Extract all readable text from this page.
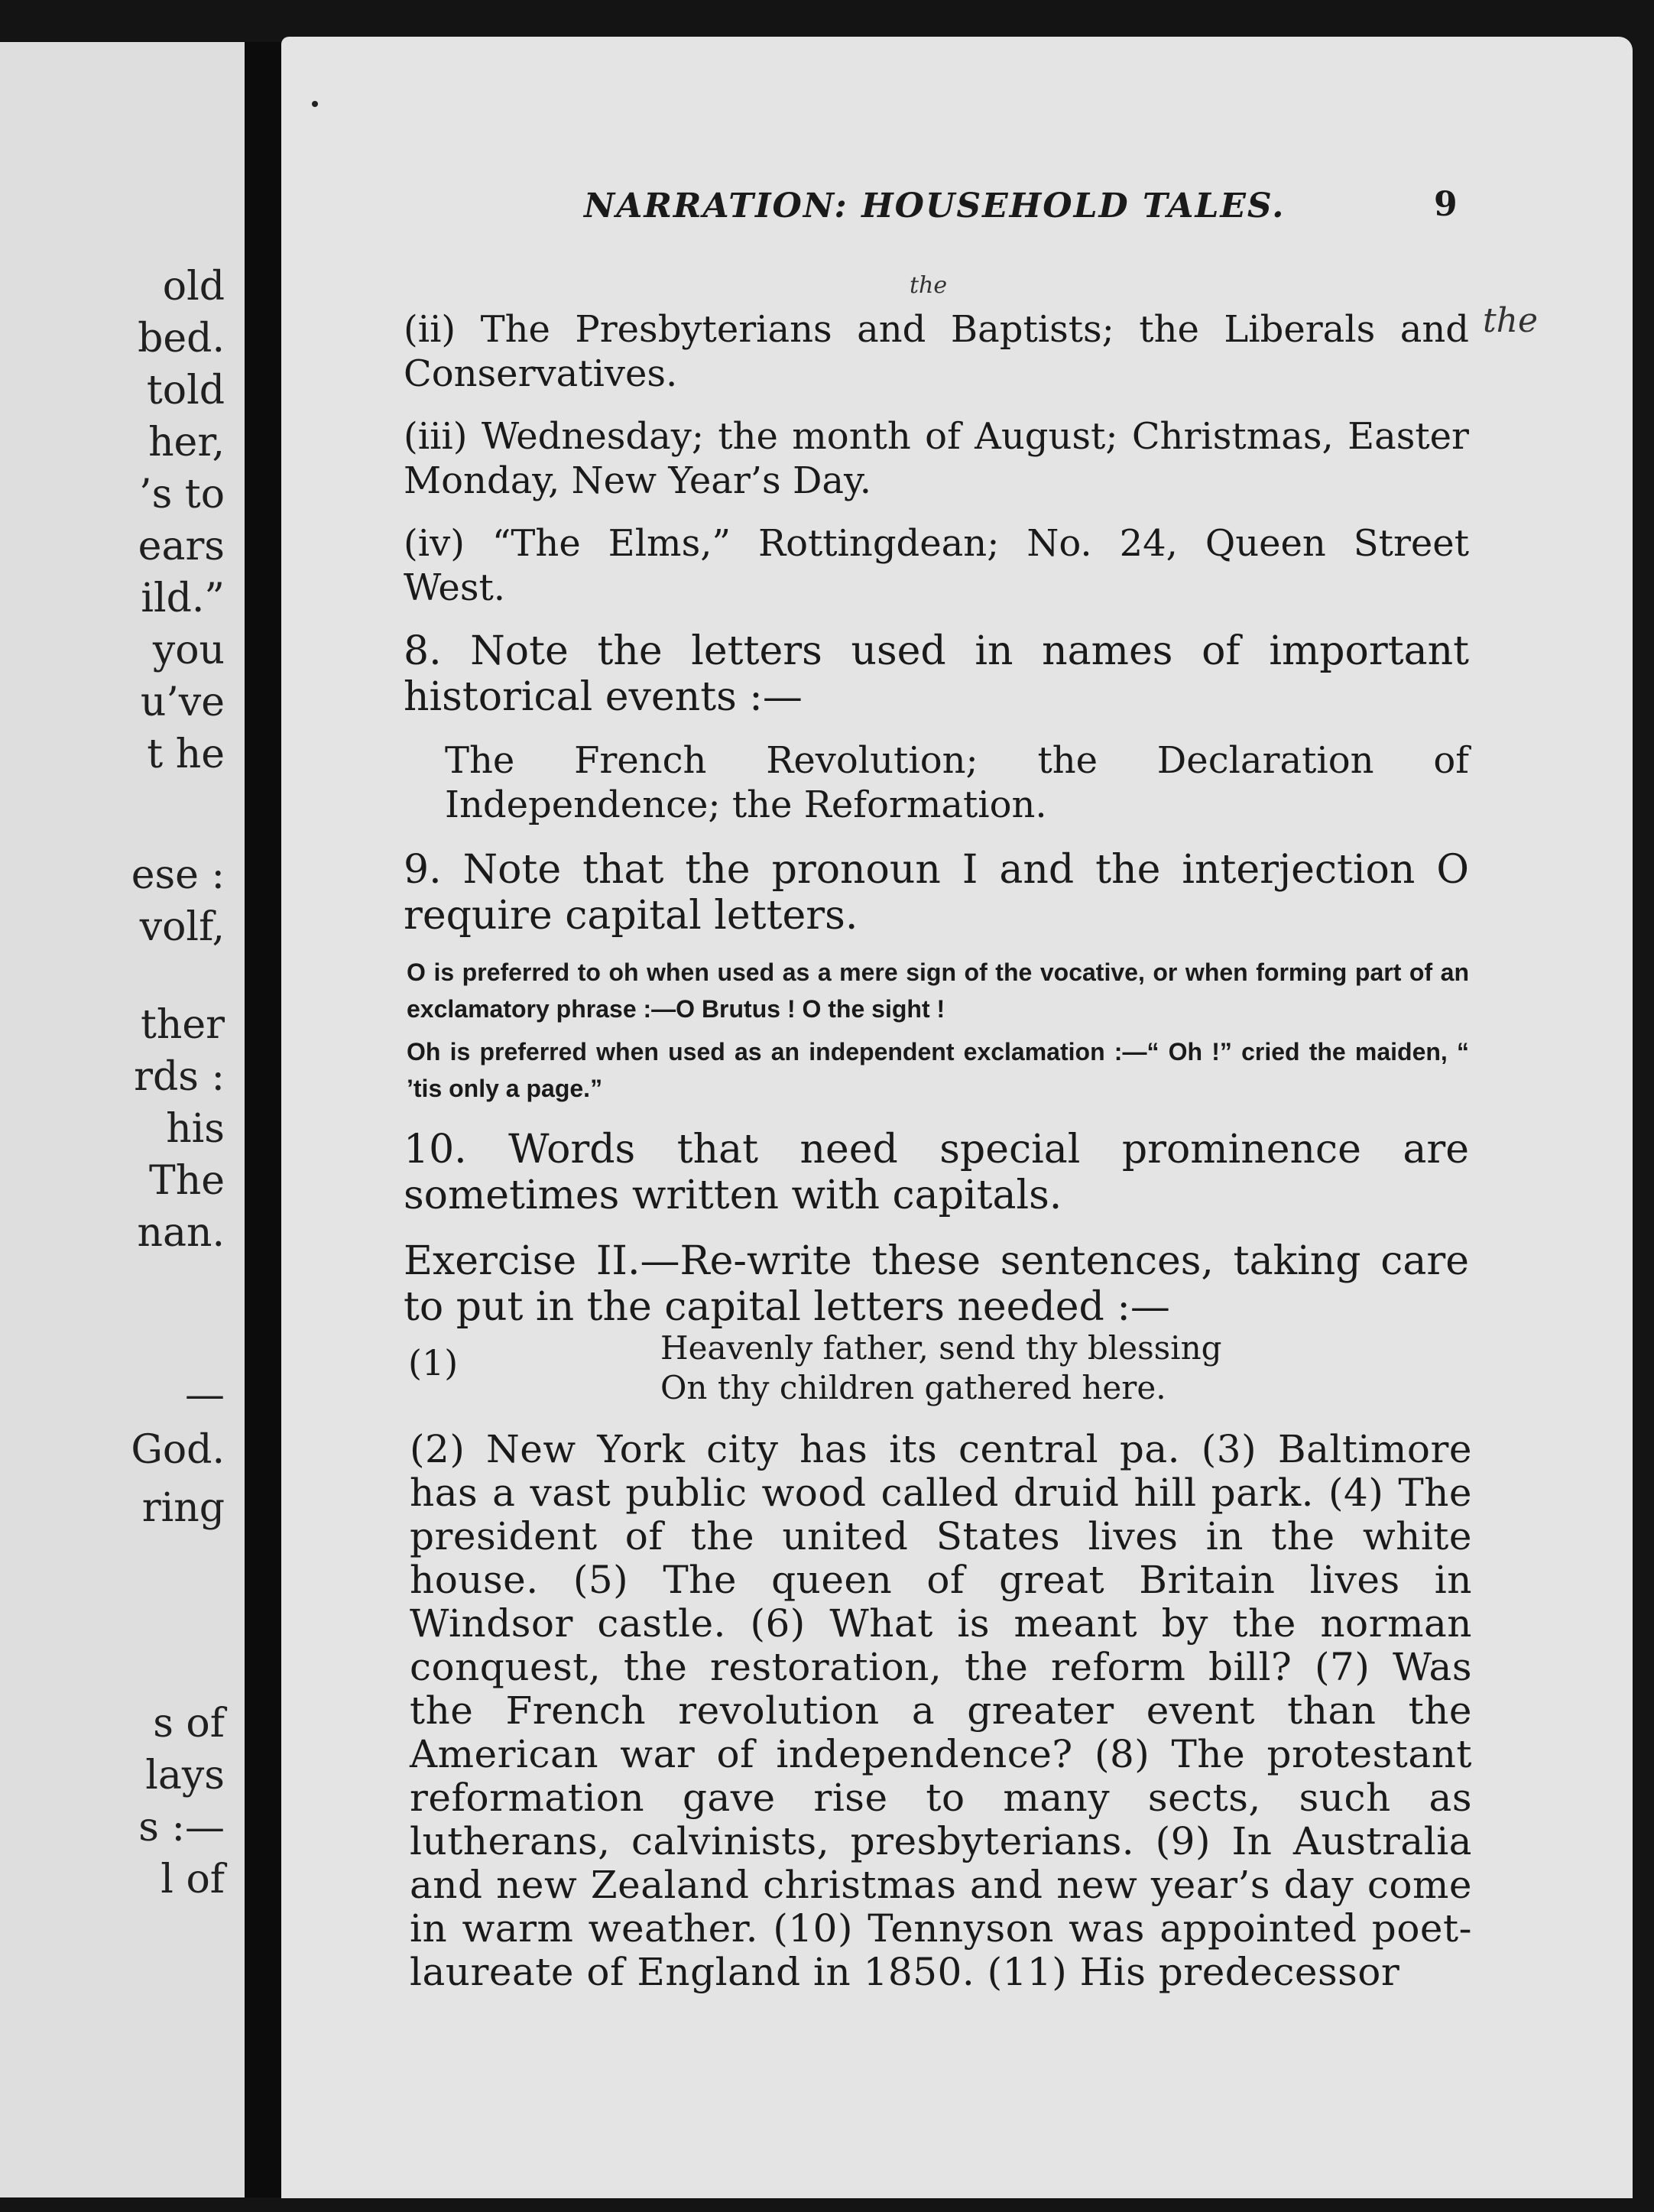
old
bed.
told
her,
’s to
ears
ild.”
you
u’ve
t he
ese :
volf,
ther
rds :
his
The
nan.
—
God.
ring
s of
lays
s :—
l of
NARRATION: HOUSEHOLD TALES.	9
the
the
(ii) The Presbyterians and Baptists; the Liberals and Conservatives.
(iii) Wednesday; the month of August; Christmas, Easter Monday, New Year’s Day.
(iv) “The Elms,” Rottingdean; No. 24, Queen Street West.
8. Note the letters used in names of important historical events :—
The French Revolution; the Declaration of Independence; the Reformation.
9. Note that the pronoun I and the interjection O require capital letters.
O is preferred to oh when used as a mere sign of the vocative, or when forming part of an exclamatory phrase :—O Brutus ! O the sight !
Oh is preferred when used as an independent exclamation :—“ Oh !” cried the maiden, “ ’tis only a page.”
10. Words that need special prominence are sometimes written with capitals.
Exercise II.—Re-write these sentences, taking care to put in the capital letters needed :—
(1)	Heavenly father, send thy blessing
On thy children gathered here.
(2) New York city has its central pa. (3) Baltimore has a vast public wood called druid hill park. (4) The president of the united States lives in the white house. (5) The queen of great Britain lives in Windsor castle. (6) What is meant by the norman conquest, the restoration, the reform bill? (7) Was the French revolution a greater event than the American war of independence? (8) The protestant reformation gave rise to many sects, such as lutherans, calvinists, presbyterians. (9) In Australia and new Zealand christmas and new year’s day come in warm weather. (10) Tennyson was appointed poet-laureate of England in 1850. (11) His predecessor
